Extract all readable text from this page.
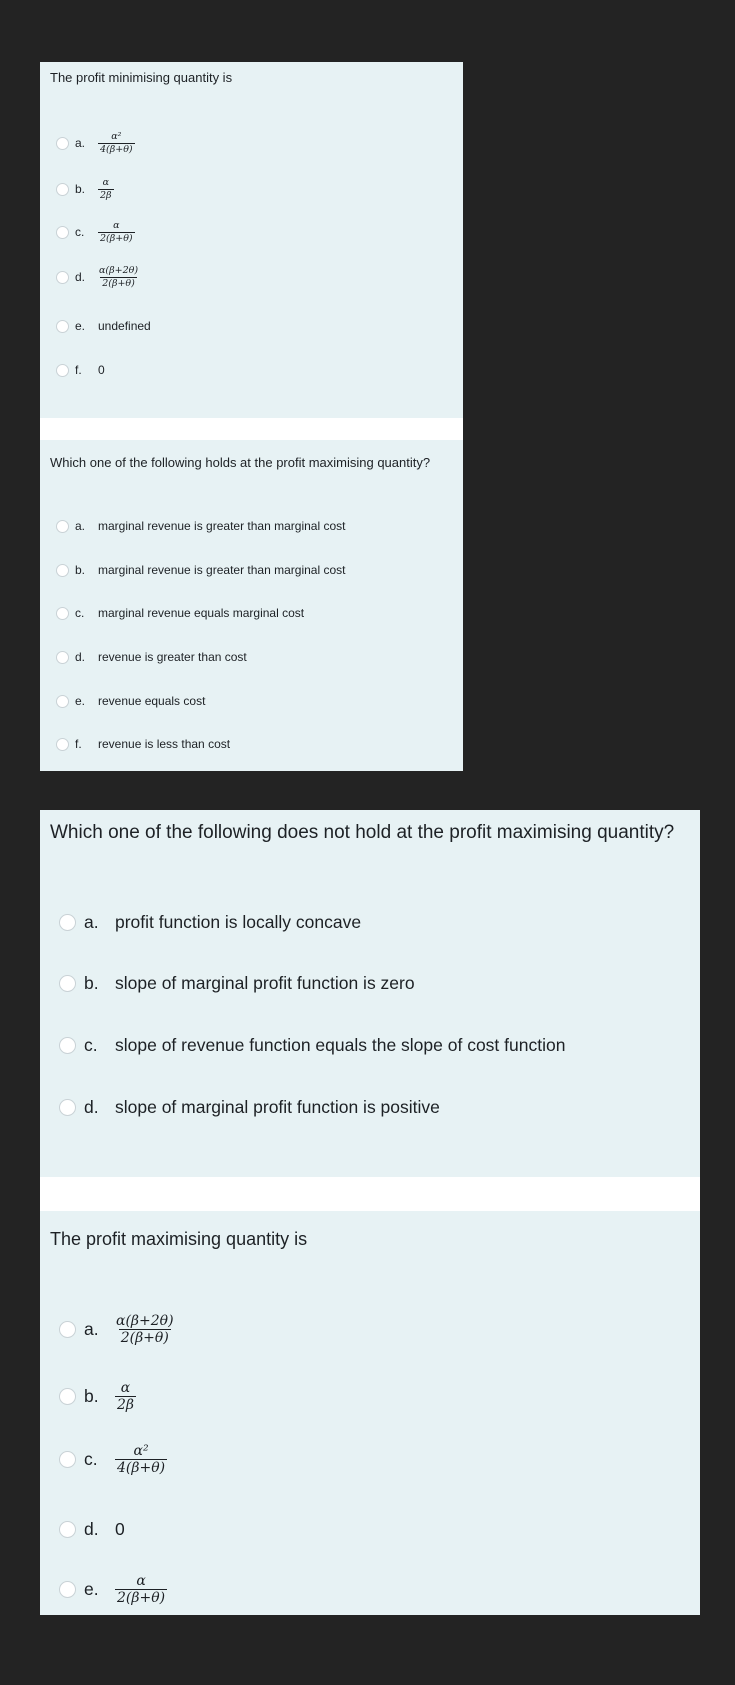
The profit minimising quantity is
a.	$\frac{\text{α²}}{4(\beta+\theta)}$
b.	$\frac{\alpha}{2\beta}$
c.	$\frac{\alpha}{2(\beta+\theta)}$
d.	$\frac{\alpha(\beta+2\theta)}{2(\beta+\theta)}$
e.	undefined
f.	0
Which one of the following holds at the profit maximising quantity?
a.	marginal revenue is greater than marginal cost
b.	marginal revenue is greater than marginal cost
c.	marginal revenue equals marginal cost
d.	revenue is greater than cost
e.	revenue equals cost
f.	revenue is less than cost
Which one of the following does not hold at the profit maximising quantity?
a. profit function is locally concave
b. slope of marginal profit function is zero
c. slope of revenue function equals the slope of cost function
d. slope of marginal profit function is positive
The profit maximising quantity is
a.	$\frac{\alpha(\beta+2\theta)}{2(\beta+\theta)}$
b.	$\frac{\alpha}{2\beta}$
c.	$\frac{\text{α²}}{4(\beta+\theta)}$
d. 0
e.	$\frac{\alpha}{2(\beta+\theta)}$
